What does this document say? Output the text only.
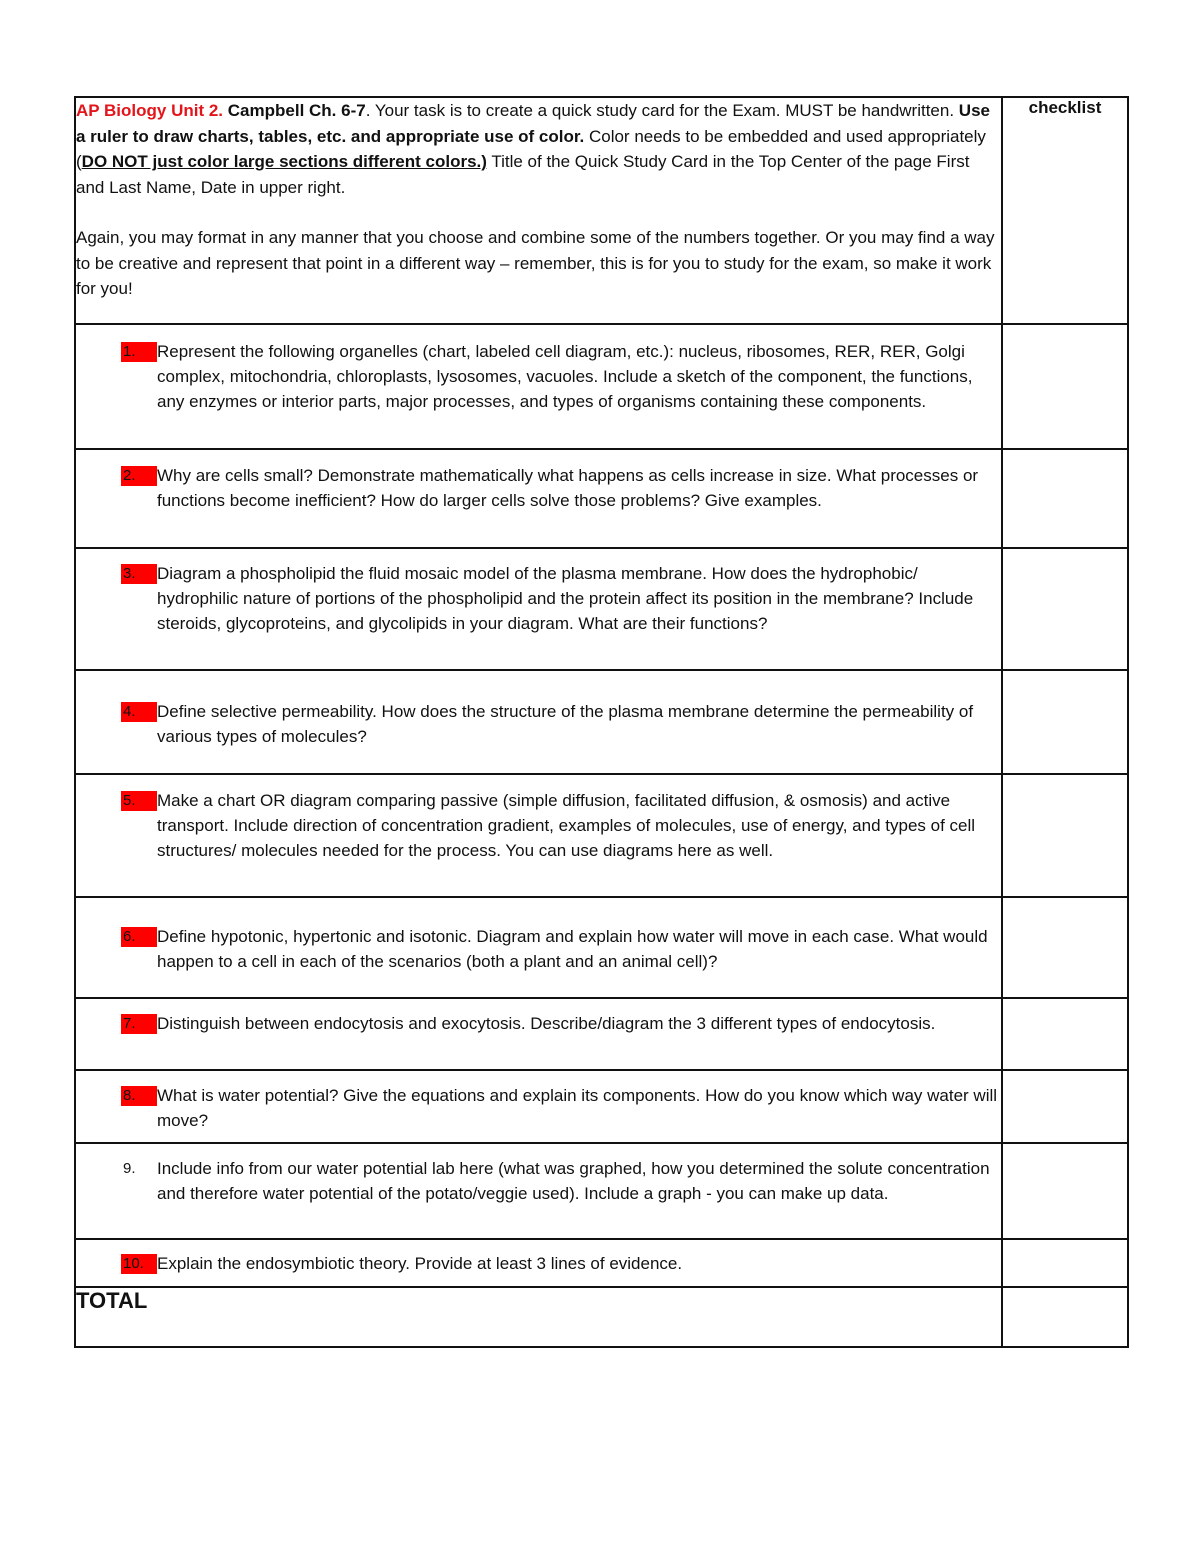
AP Biology Unit 2. Campbell Ch. 6-7. Your task is to create a quick study card for the Exam. MUST be handwritten. Use a ruler to draw charts, tables, etc. and appropriate use of color. Color needs to be embedded and used appropriately (DO NOT just color large sections different colors.) Title of the Quick Study Card in the Top Center of the page First and Last Name, Date in upper right.

Again, you may format in any manner that you choose and combine some of the numbers together. Or you may find a way to be creative and represent that point in a different way – remember, this is for you to study for the exam, so make it work for you!	checklist

1. Represent the following organelles (chart, labeled cell diagram, etc.): nucleus, ribosomes, RER, RER, Golgi complex, mitochondria, chloroplasts, lysosomes, vacuoles. Include a sketch of the component, the functions, any enzymes or interior parts, major processes, and types of organisms containing these components.	

2. Why are cells small? Demonstrate mathematically what happens as cells increase in size. What processes or functions become inefficient? How do larger cells solve those problems? Give examples.	

3. Diagram a phospholipid the fluid mosaic model of the plasma membrane. How does the hydrophobic/ hydrophilic nature of portions of the phospholipid and the protein affect its position in the membrane? Include steroids, glycoproteins, and glycolipids in your diagram. What are their functions?	

4. Define selective permeability. How does the structure of the plasma membrane determine the permeability of various types of molecules?	

5. Make a chart OR diagram comparing passive (simple diffusion, facilitated diffusion, & osmosis) and active transport. Include direction of concentration gradient, examples of molecules, use of energy, and types of cell structures/ molecules needed for the process. You can use diagrams here as well.	

6. Define hypotonic, hypertonic and isotonic. Diagram and explain how water will move in each case. What would happen to a cell in each of the scenarios (both a plant and an animal cell)?	

7. Distinguish between endocytosis and exocytosis. Describe/diagram the 3 different types of endocytosis.	

8. What is water potential? Give the equations and explain its components. How do you know which way water will move?	

9. Include info from our water potential lab here (what was graphed, how you determined the solute concentration and therefore water potential of the potato/veggie used). Include a graph - you can make up data.	

10. Explain the endosymbiotic theory. Provide at least 3 lines of evidence.	

TOTAL	
